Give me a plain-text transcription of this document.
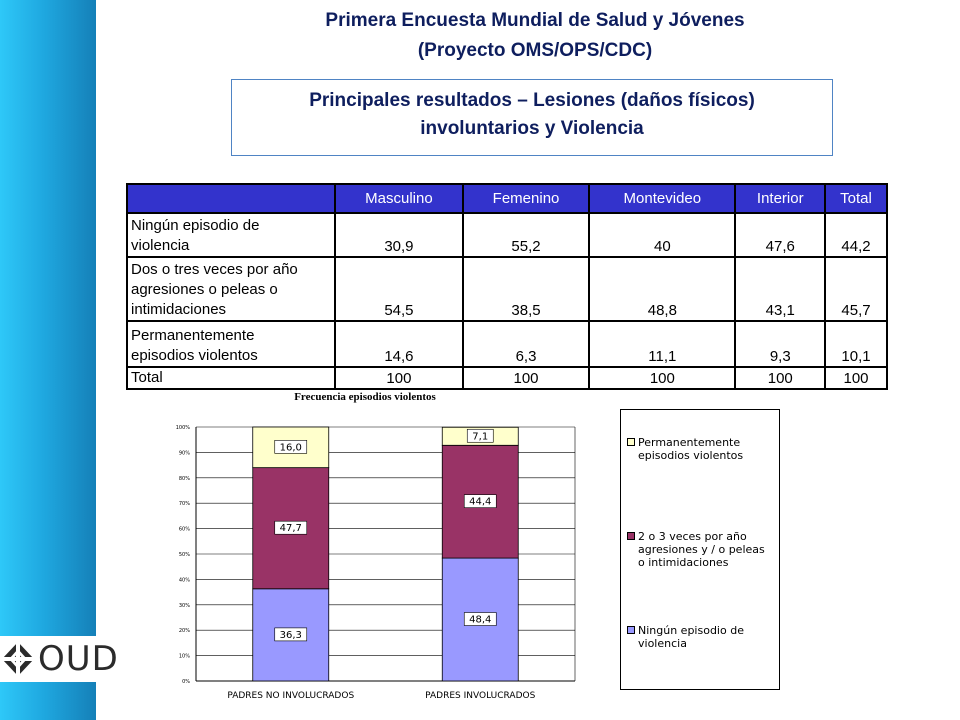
OUD
Primera Encuesta Mundial de Salud y Jóvenes
(Proyecto OMS/OPS/CDC)
Principales resultados – Lesiones (daños físicos)
involuntarios y Violencia
	Masculino	Femenino	Montevideo	Interior	Total
Ningún episodio de
violencia	30,9	55,2	40	47,6	44,2
Dos o tres veces por año
agresiones o peleas o
intimidaciones	54,5	38,5	48,8	43,1	45,7
Permanentemente
episodios violentos	14,6	6,3	11,1	9,3	10,1
Total	100	100	100	100	100
Frecuencia episodios violentos
0%
10%
20%
30%
40%
50%
60%
70%
80%
90%
100%
36,3
47,7
16,0
PADRES NO INVOLUCRADOS
48,4
44,4
7,1
PADRES INVOLUCRADOS
Permanentemente
episodios violentos
2 o 3 veces por año
agresiones y / o peleas
o intimidaciones
Ningún episodio de
violencia
